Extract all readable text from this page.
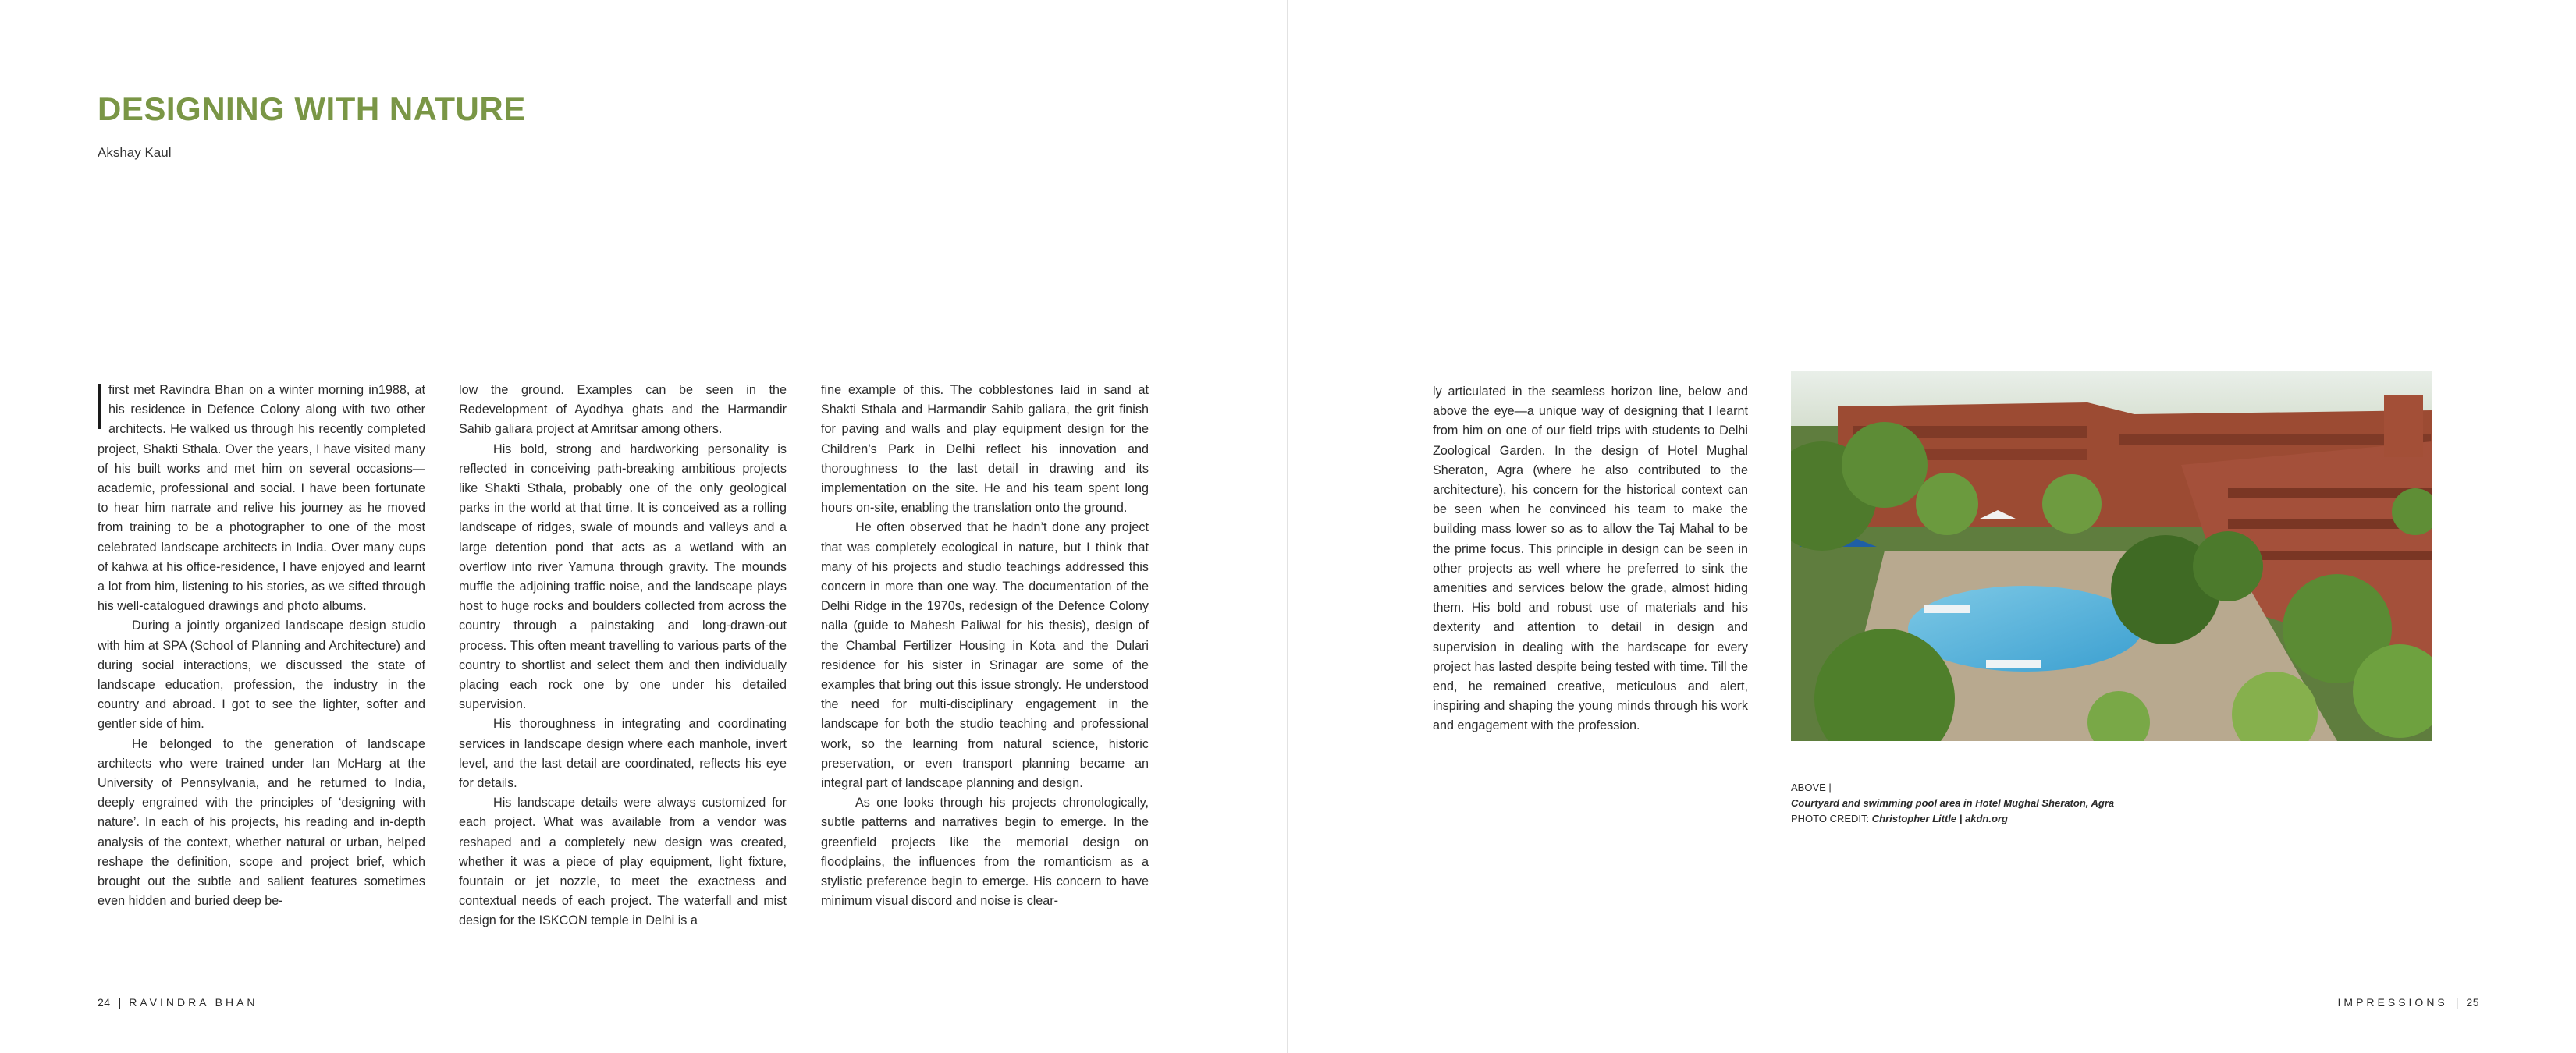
DESIGNING WITH NATURE
Akshay Kaul

first met Ravindra Bhan on a winter morning in1988, at his residence in Defence Colony along with two other architects. He walked us through his recently completed project, Shakti Sthala. Over the years, I have visited many of his built works and met him on several occasions—academic, professional and social. I have been fortunate to hear him narrate and relive his journey as he moved from training to be a photographer to one of the most celebrated landscape architects in India. Over many cups of kahwa at his office-residence, I have enjoyed and learnt a lot from him, listening to his stories, as we sifted through his well-catalogued drawings and photo albums.

During a jointly organized landscape design studio with him at SPA (School of Planning and Architecture) and during social interactions, we discussed the state of landscape education, profession, the industry in the country and abroad. I got to see the lighter, softer and gentler side of him.

He belonged to the generation of landscape architects who were trained under Ian McHarg at the University of Pennsylvania, and he returned to India, deeply engrained with the principles of ‘designing with nature’. In each of his projects, his reading and in-depth analysis of the context, whether natural or urban, helped reshape the definition, scope and project brief, which brought out the subtle and salient features sometimes even hidden and buried deep be-

low the ground. Examples can be seen in the Redevelopment of Ayodhya ghats and the Harmandir Sahib galiara project at Amritsar among others.

His bold, strong and hardworking personality is reflected in conceiving path-breaking ambitious projects like Shakti Sthala, probably one of the only geological parks in the world at that time. It is conceived as a rolling landscape of ridges, swale of mounds and valleys and a large detention pond that acts as a wetland with an overflow into river Yamuna through gravity. The mounds muffle the adjoining traffic noise, and the landscape plays host to huge rocks and boulders collected from across the country through a painstaking and long-drawn-out process. This often meant travelling to various parts of the country to shortlist and select them and then individually placing each rock one by one under his detailed supervision.

His thoroughness in integrating and coordinating services in landscape design where each manhole, invert level, and the last detail are coordinated, reflects his eye for details.

His landscape details were always customized for each project. What was available from a vendor was reshaped and a completely new design was created, whether it was a piece of play equipment, light fixture, fountain or jet nozzle, to meet the exactness and contextual needs of each project. The waterfall and mist design for the ISKCON temple in Delhi is a

fine example of this. The cobblestones laid in sand at Shakti Sthala and Harmandir Sahib galiara, the grit finish for paving and walls and play equipment design for the Children’s Park in Delhi reflect his innovation and thoroughness to the last detail in drawing and its implementation on the site. He and his team spent long hours on-site, enabling the translation onto the ground.

He often observed that he hadn’t done any project that was completely ecological in nature, but I think that many of his projects and studio teachings addressed this concern in more than one way. The documentation of the Delhi Ridge in the 1970s, redesign of the Defence Colony nalla (guide to Mahesh Paliwal for his thesis), design of the Chambal Fertilizer Housing in Kota and the Dulari residence for his sister in Srinagar are some of the examples that bring out this issue strongly. He understood the need for multi-disciplinary engagement in the landscape for both the studio teaching and professional work, so the learning from natural science, historic preservation, or even transport planning became an integral part of landscape planning and design.

As one looks through his projects chronologically, subtle patterns and narratives begin to emerge. In the greenfield projects like the memorial design on floodplains, the influences from the romanticism as a stylistic preference begin to emerge. His concern to have minimum visual discord and noise is clear-

24 | RAVINDRA BHAN

ly articulated in the seamless horizon line, below and above the eye—a unique way of designing that I learnt from him on one of our field trips with students to Delhi Zoological Garden. In the design of Hotel Mughal Sheraton, Agra (where he also contributed to the architecture), his concern for the historical context can be seen when he convinced his team to make the building mass lower so as to allow the Taj Mahal to be the prime focus. This principle in design can be seen in other projects as well where he preferred to sink the amenities and services below the grade, almost hiding them. His bold and robust use of materials and his dexterity and attention to detail in design and supervision in dealing with the hardscape for every project has lasted despite being tested with time. Till the end, he remained creative, meticulous and alert, inspiring and shaping the young minds through his work and engagement with the profession.

ABOVE |
Courtyard and swimming pool area in Hotel Mughal Sheraton, Agra
PHOTO CREDIT: Christopher Little | akdn.org
IMPRESSIONS | 25
